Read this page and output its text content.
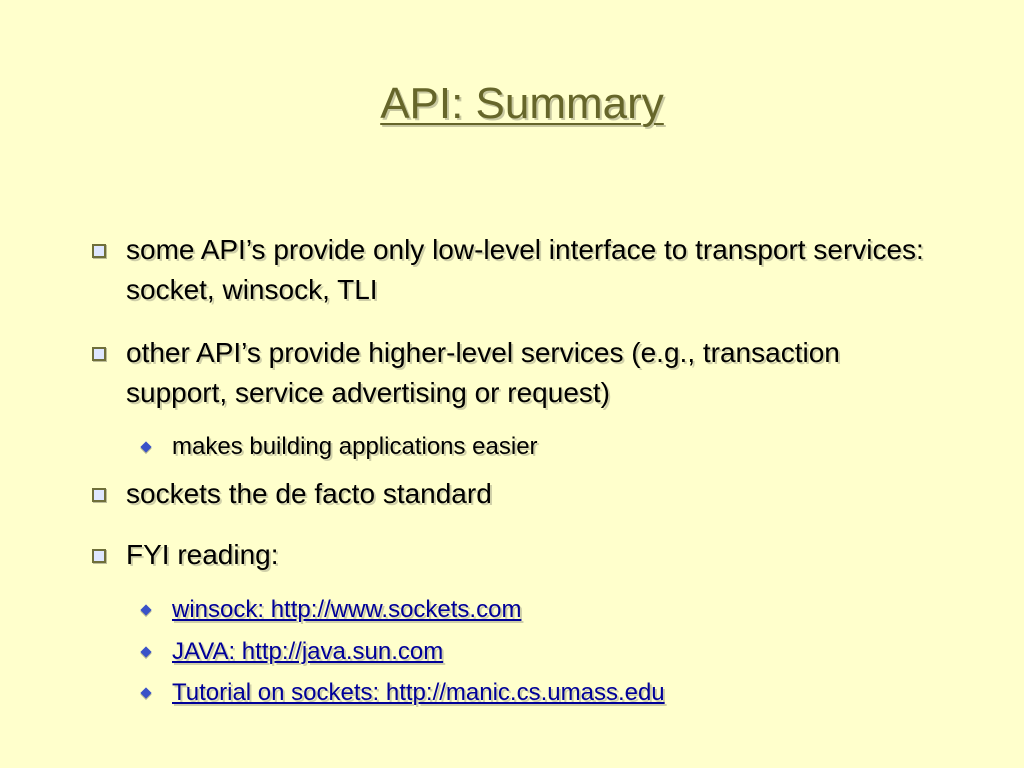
API: Summary
some API’s provide only low-level interface to transport services: socket, winsock, TLI
other API’s provide higher-level services (e.g., transaction support, service advertising or request)
makes building applications easier
sockets the de facto standard
FYI reading:
winsock: http://www.sockets.com
JAVA: http://java.sun.com
Tutorial on sockets: http://manic.cs.umass.edu
